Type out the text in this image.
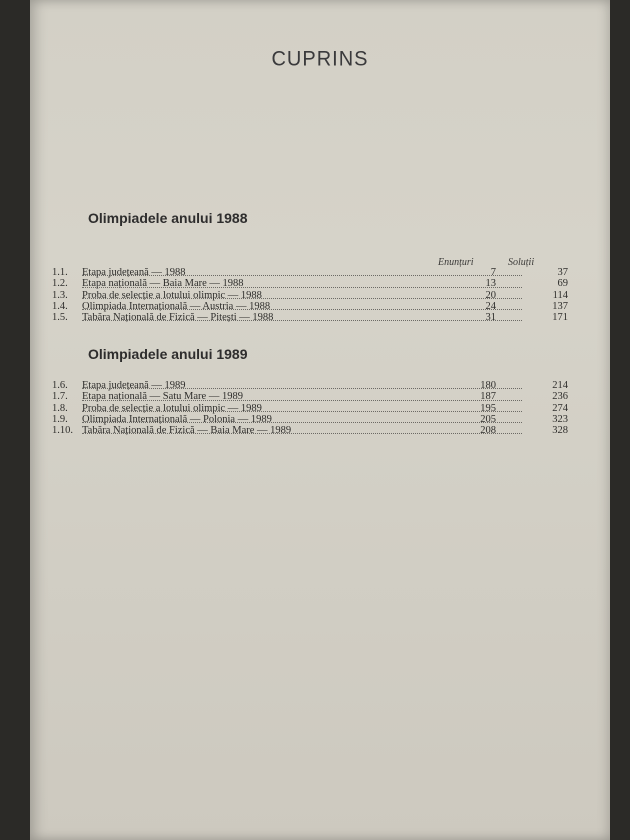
CUPRINS
Olimpiadele anului 1988
Enunțuri	Soluții
1.1.	Etapa județeană — 1988	7	37
1.2.	Etapa națională — Baia Mare — 1988	13	69
1.3.	Proba de selecție a lotului olimpic — 1988	20	114
1.4.	Olimpiada Internațională — Austria — 1988	24	137
1.5.	Tabăra Națională de Fizică — Pitești — 1988	31	171
Olimpiadele anului 1989
1.6.	Etapa județeană — 1989	180	214
1.7.	Etapa națională — Satu Mare — 1989	187	236
1.8.	Proba de selecție a lotului olimpic — 1989	195	274
1.9.	Olimpiada Internațională — Polonia — 1989	205	323
1.10. Tabăra Națională de Fizică — Baia Mare — 1989	208	328
